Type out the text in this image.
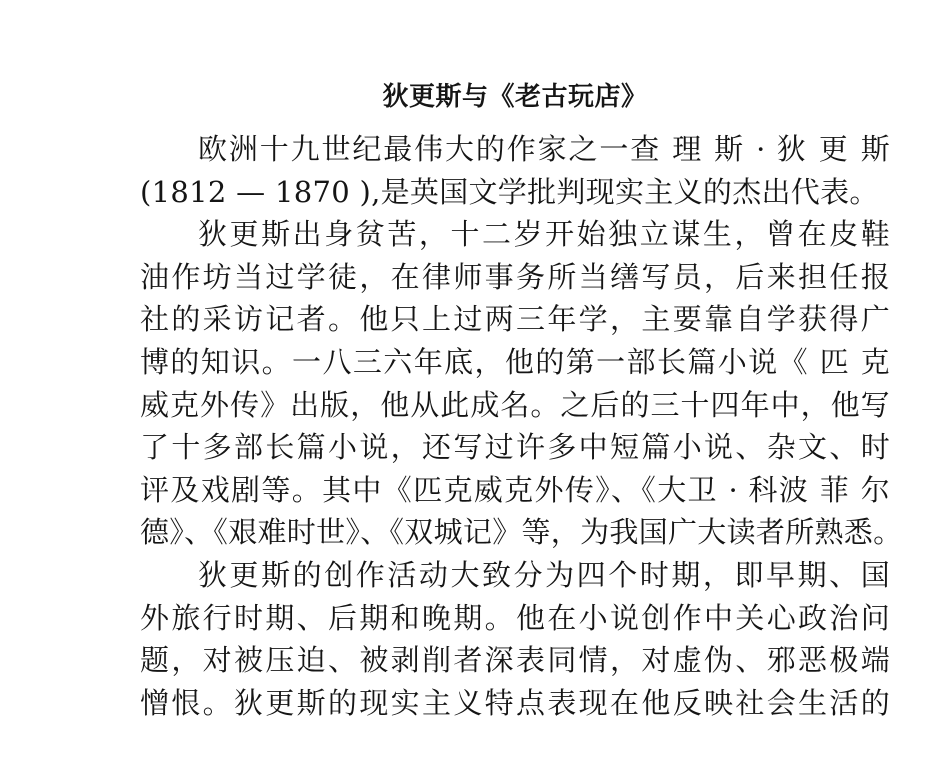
狄更斯与《老古玩店》
欧洲十九世纪最伟大的作家之一查 理 斯 · 狄 更 斯
(1812 — 1870 ),是英国文学批判现实主义的杰出代表。
狄更斯出身贫苦，十二岁开始独立谋生，曾在皮鞋
油作坊当过学徒，在律师事务所当缮写员，后来担任报
社的采访记者。他只上过两三年学，主要靠自学获得广
博的知识。一八三六年底，他的第一部长篇小说《 匹 克
威克外传》出版，他从此成名。之后的三十四年中，他写
了十多部长篇小说，还写过许多中短篇小说、杂文、时
评及戏剧等。其中《匹克威克外传》、《大卫 · 科波 菲 尔
德》、《艰难时世》、《双城记》等，为我国广大读者所熟悉。
狄更斯的创作活动大致分为四个时期，即早期、国
外旅行时期、后期和晚期。他在小说创作中关心政治问
题，对被压迫、被剥削者深表同情，对虚伪、邪恶极端
憎恨。狄更斯的现实主义特点表现在他反映社会生活的
